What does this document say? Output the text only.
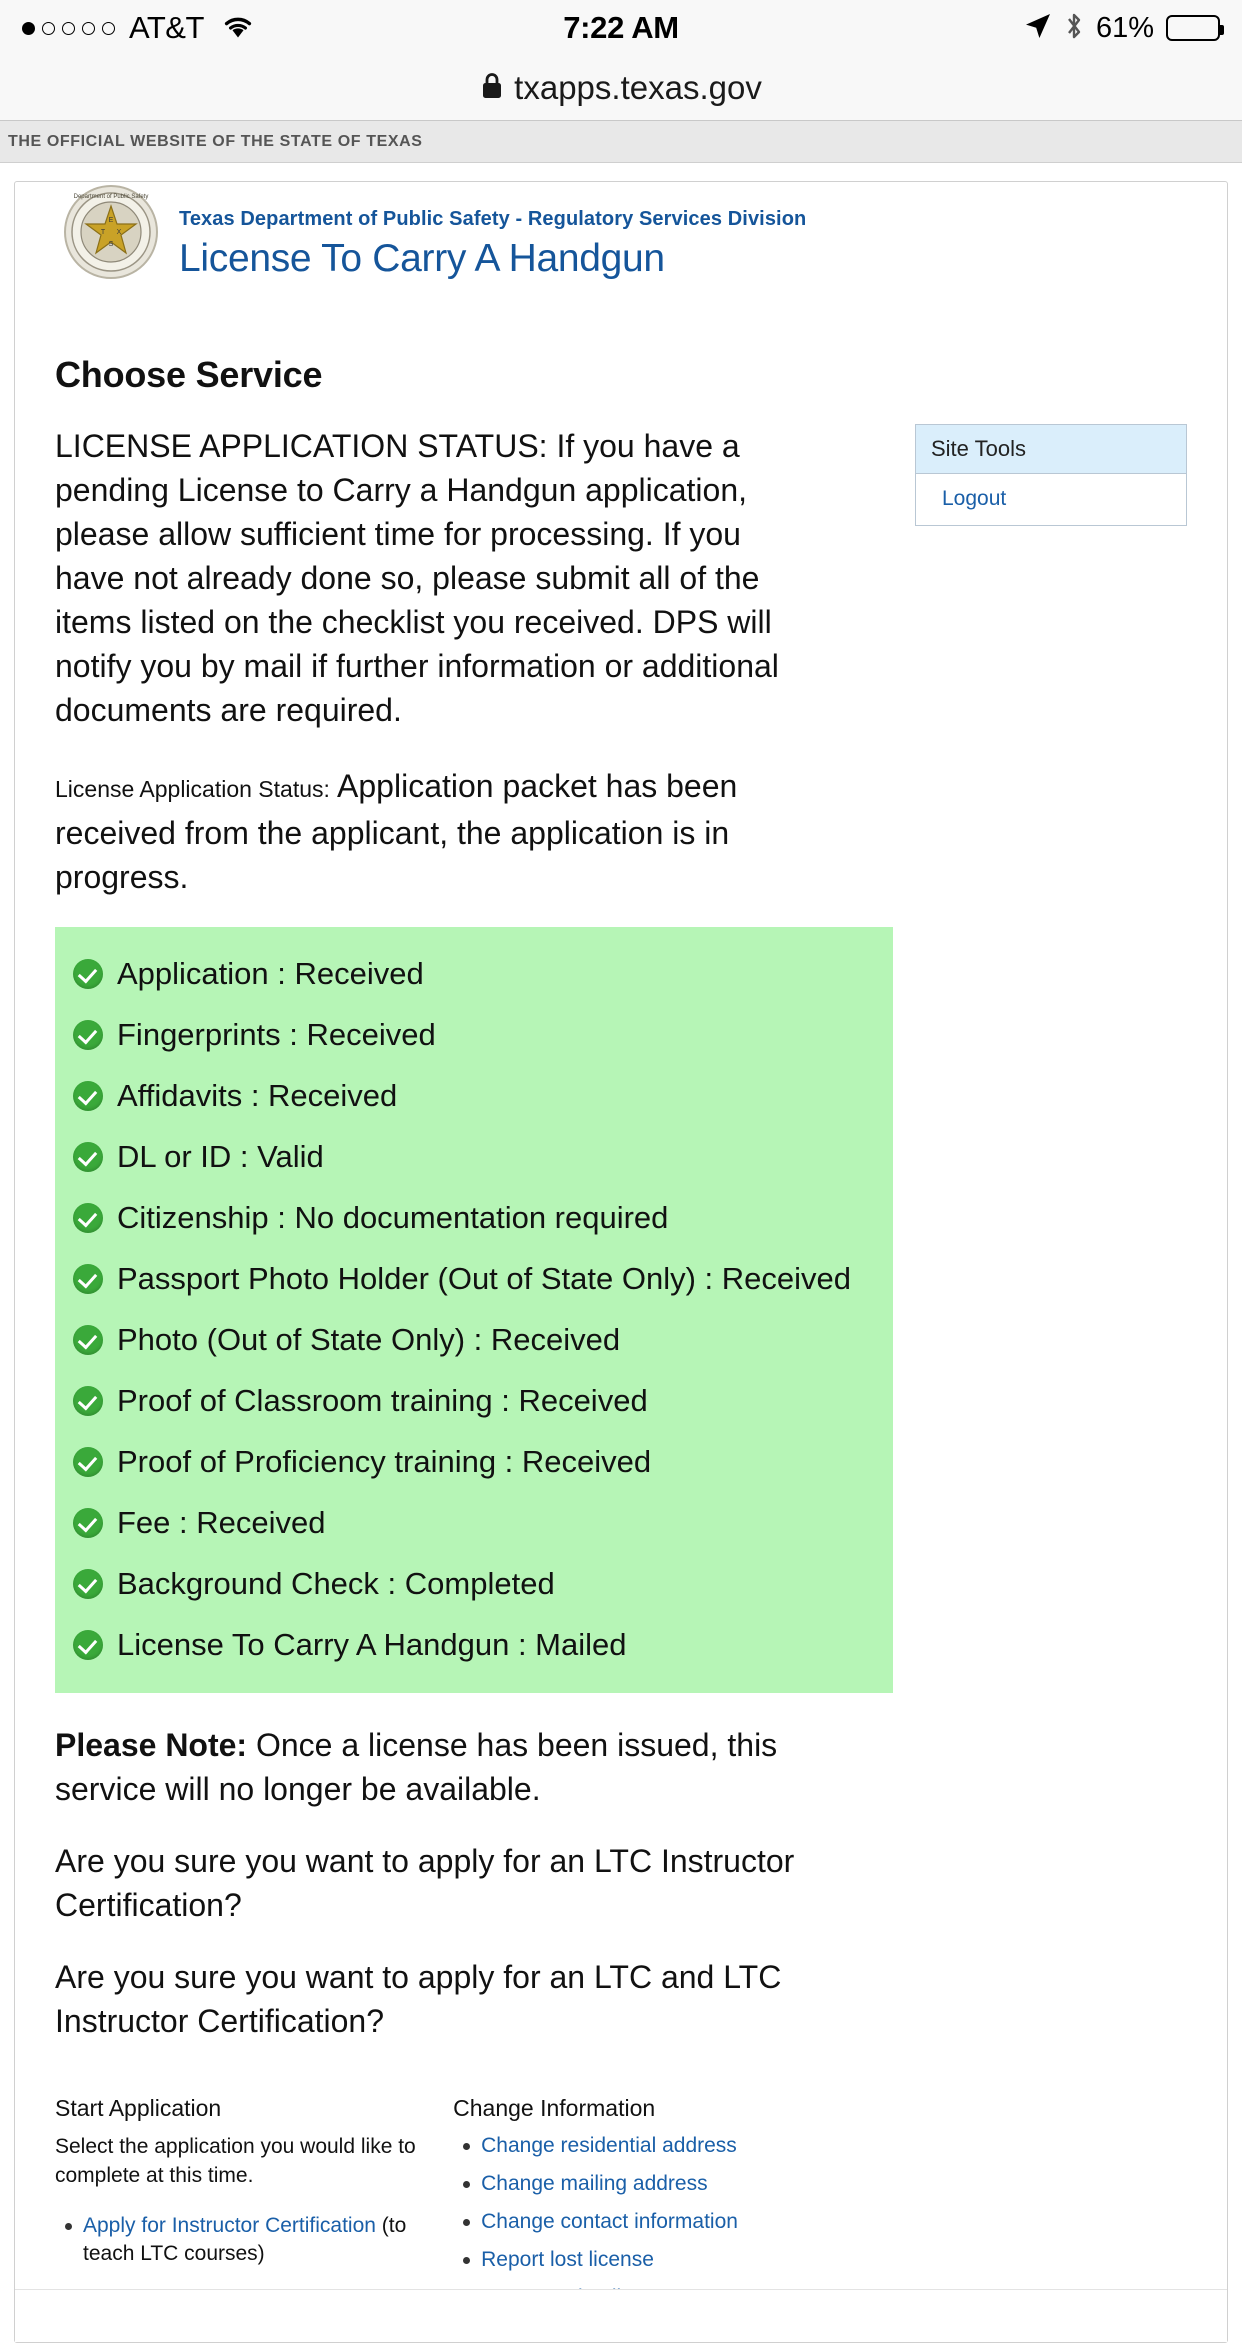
AT&T	7:22 AM	61%
txapps.texas.gov
THE OFFICIAL WEBSITE OF THE STATE OF TEXAS
E
T X
S
Department of Public Safety
Texas Department of Public Safety - Regulatory Services Division
License To Carry A Handgun
Site Tools
Logout
Choose Service

LICENSE APPLICATION STATUS: If you have a pending License to Carry a Handgun application, please allow sufficient time for processing. If you have not already done so, please submit all of the items listed on the checklist you received. DPS will notify you by mail if further information or additional documents are required.

License Application Status: Application packet has been received from the applicant, the application is in progress.
Application : Received
Fingerprints : Received
Affidavits : Received
DL or ID : Valid
Citizenship : No documentation required
Passport Photo Holder (Out of State Only) : Received
Photo (Out of State Only) : Received
Proof of Classroom training : Received
Proof of Proficiency training : Received
Fee : Received
Background Check : Completed
License To Carry A Handgun : Mailed

Please Note: Once a license has been issued, this service will no longer be available.

Are you sure you want to apply for an LTC Instructor Certification?

Are you sure you want to apply for an LTC and LTC Instructor Certification?

Start Application
Select the application you would like to complete at this time.
Apply for Instructor Certification (to teach LTC courses)
Change Information
Change residential address
Change mailing address
Change contact information
Report lost license
